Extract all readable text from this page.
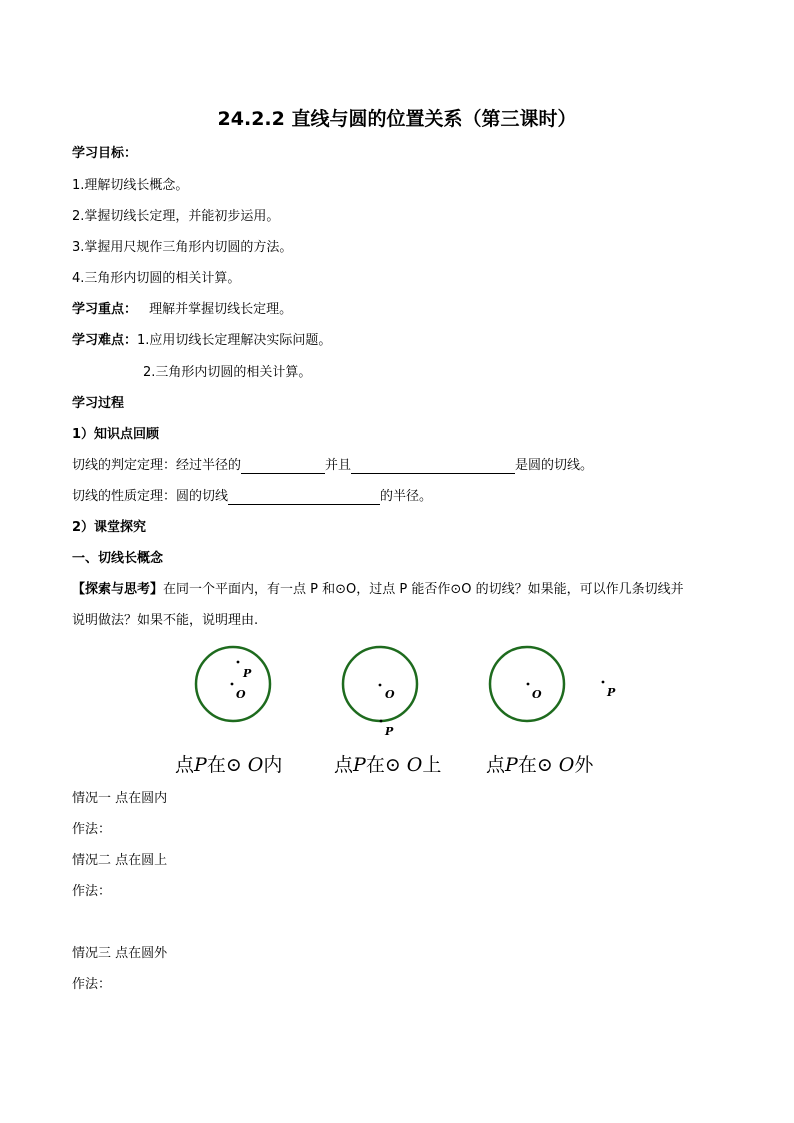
24.2.2 直线与圆的位置关系（第三课时）
学习目标：
1.理解切线长概念。
2.掌握切线长定理，并能初步运用。
3.掌握用尺规作三角形内切圆的方法。
4.三角形内切圆的相关计算。
学习重点： 理解并掌握切线长定理。
学习难点：1.应用切线长定理解决实际问题。
2.三角形内切圆的相关计算。
学习过程
1）知识点回顾
切线的判定定理：经过半径的	并且	是圆的切线。
切线的性质定理：圆的切线	的半径。
2）课堂探究
一、切线长概念
【探索与思考】在同一个平面内，有一点 P 和⊙O，过点 P 能否作⊙O 的切线？如果能，可以作几条切线并
说明做法？如果不能，说明理由.
P
O	O
P
O	P
点P在⊙ O内	点P在⊙ O上 点P在⊙ O外
情况一 点在圆内
作法：
情况二 点在圆上
作法：
情况三 点在圆外
作法：
